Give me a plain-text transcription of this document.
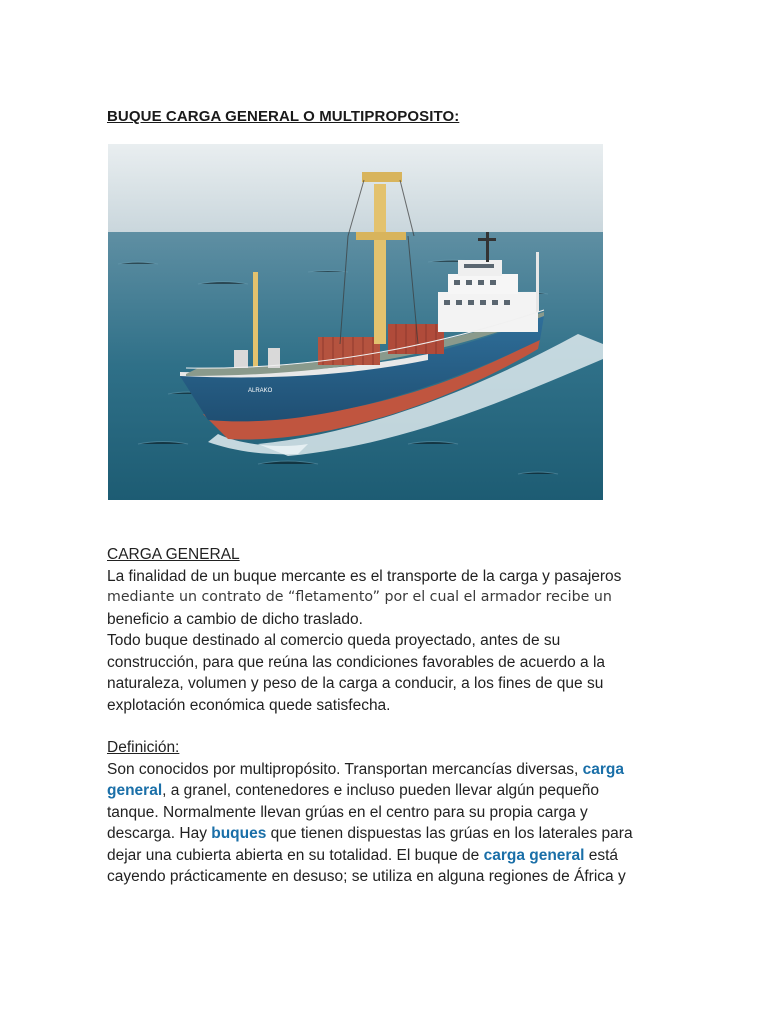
BUQUE CARGA GENERAL O MULTIPROPOSITO:
ALRAKO
CARGA GENERAL
La finalidad de un buque mercante es el transporte de la carga y pasajeros
mediante un contrato de “fletamento” por el cual el armador recibe un
beneficio a cambio de dicho traslado.
Todo buque destinado al comercio queda proyectado, antes de su
construcción, para que reúna las condiciones favorables de acuerdo a la
naturaleza, volumen y peso de la carga a conducir, a los fines de que su
explotación económica quede satisfecha.
Definición:
Son conocidos por multipropósito. Transportan mercancías diversas, carga
general, a granel, contenedores e incluso pueden llevar algún pequeño
tanque. Normalmente llevan grúas en el centro para su propia carga y
descarga. Hay buques que tienen dispuestas las grúas en los laterales para
dejar una cubierta abierta en su totalidad. El buque de carga general está
cayendo prácticamente en desuso; se utiliza en alguna regiones de África y
